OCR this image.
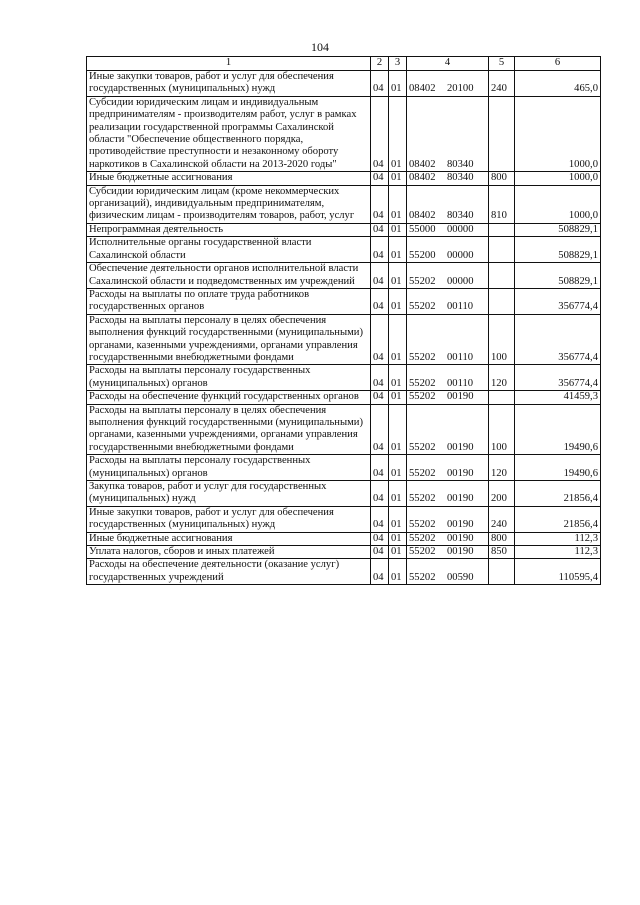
104
1	2	3	4	5	6
Иные закупки товаров, работ и услуг для обеспечения государственных (муниципальных) нужд	04	01	08402 20100	240	465,0
Субсидии юридическим лицам и индивидуальным предпринимателям - производителям работ, услуг в рамках реализации государственной программы Сахалинской области "Обеспечение общественного порядка, противодействие преступности и незаконному обороту наркотиков в Сахалинской области на 2013-2020 годы"	04	01	08402 80340		1000,0
Иные бюджетные ассигнования	04	01	08402 80340	800	1000,0
Субсидии юридическим лицам (кроме некоммерческих организаций), индивидуальным предпринимателям, физическим лицам - производителям товаров, работ, услуг	04	01	08402 80340	810	1000,0
Непрограммная деятельность	04	01	55000 00000		508829,1
Исполнительные органы государственной власти Сахалинской области	04	01	55200 00000		508829,1
Обеспечение деятельности органов исполнительной власти Сахалинской области и подведомственных им учреждений	04	01	55202 00000		508829,1
Расходы на выплаты по оплате труда работников государственных органов	04	01	55202 00110		356774,4
Расходы на выплаты персоналу в целях обеспечения выполнения функций государственными (муниципальными) органами, казенными учреждениями, органами управления государственными внебюджетными фондами	04	01	55202 00110	100	356774,4
Расходы на выплаты персоналу государственных (муниципальных) органов	04	01	55202 00110	120	356774,4
Расходы на обеспечение функций государственных органов	04	01	55202 00190		41459,3
Расходы на выплаты персоналу в целях обеспечения выполнения функций государственными (муниципальными) органами, казенными учреждениями, органами управления государственными внебюджетными фондами	04	01	55202 00190	100	19490,6
Расходы на выплаты персоналу государственных (муниципальных) органов	04	01	55202 00190	120	19490,6
Закупка товаров, работ и услуг для государственных (муниципальных) нужд	04	01	55202 00190	200	21856,4
Иные закупки товаров, работ и услуг для обеспечения государственных (муниципальных) нужд	04	01	55202 00190	240	21856,4
Иные бюджетные ассигнования	04	01	55202 00190	800	112,3
Уплата налогов, сборов и иных платежей	04	01	55202 00190	850	112,3
Расходы на обеспечение деятельности (оказание услуг) государственных учреждений	04	01	55202 00590		110595,4
